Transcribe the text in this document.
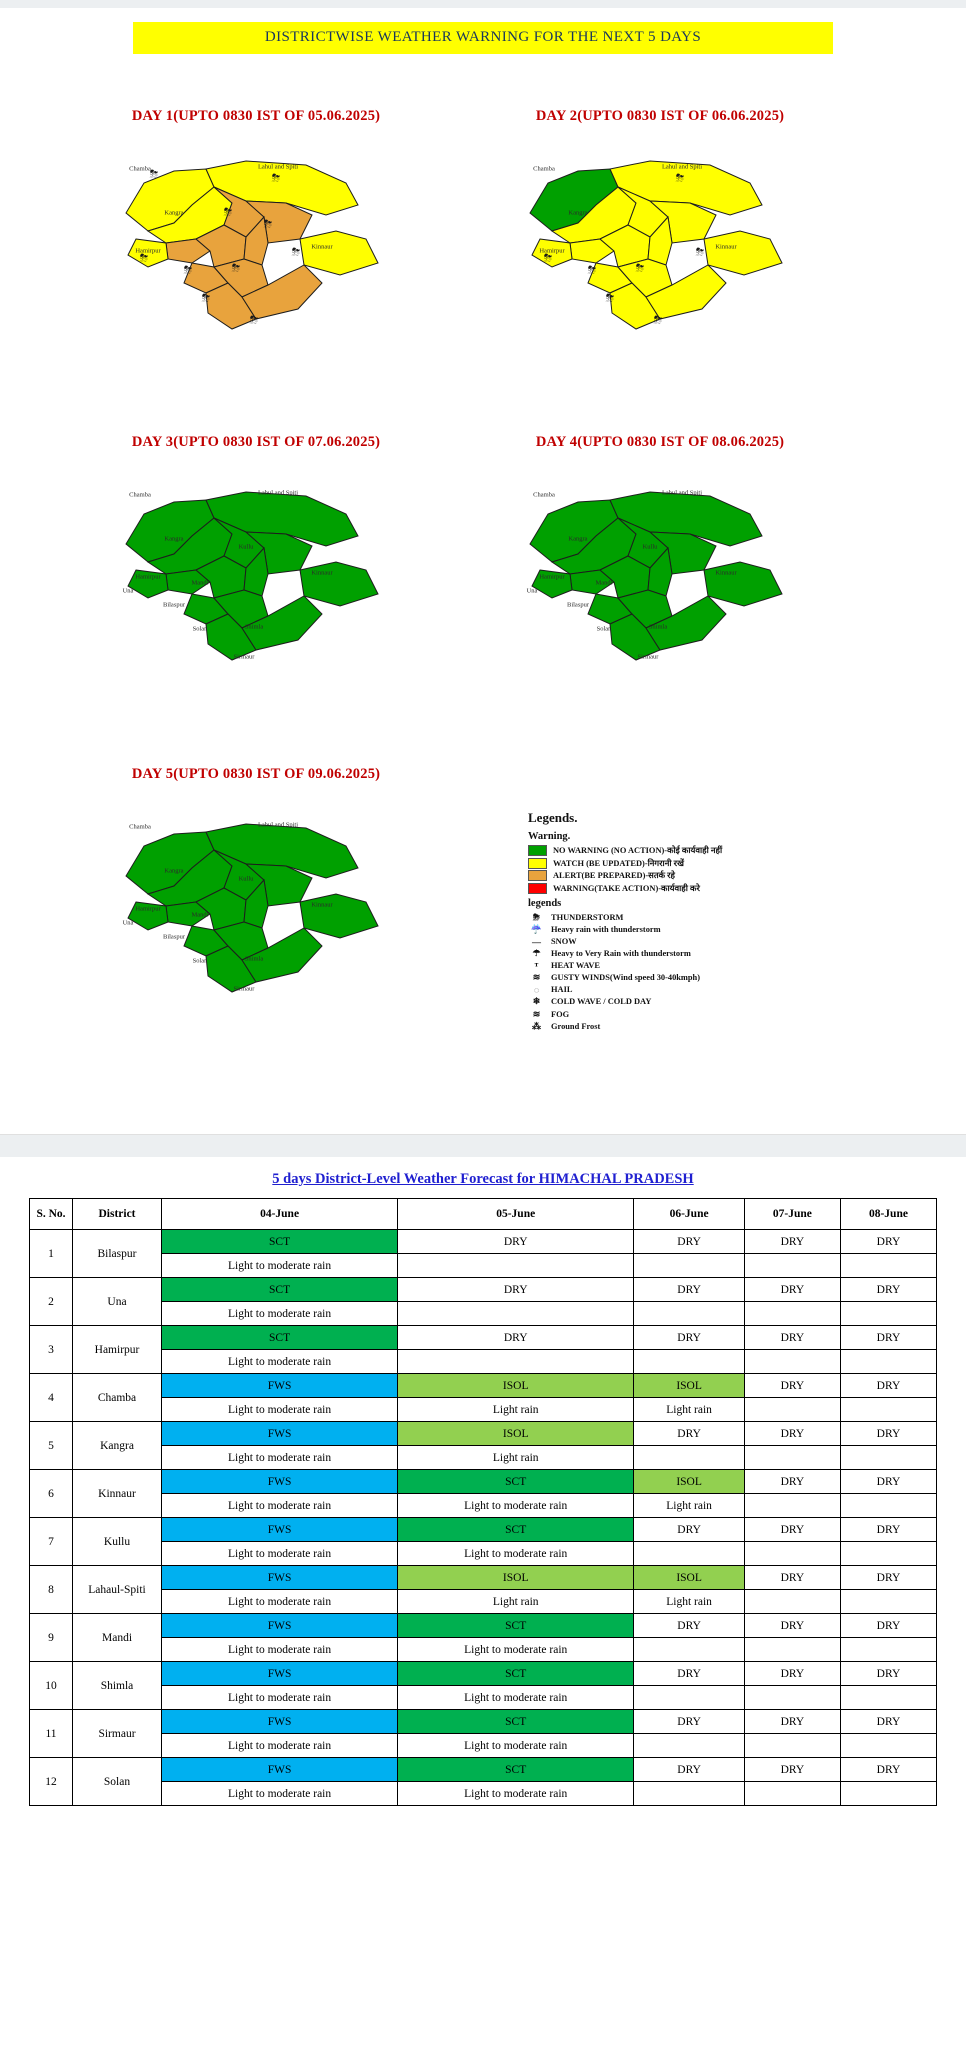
DISTRICTWISE WEATHER WARNING FOR THE NEXT 5 DAYS
DAY 1(UPTO 0830 IST OF 05.06.2025)
Chamba	Lahul and Spiti
Kangra
Hamirpur
Kinnaur
⛈	⛈
⛈
⛈
⛈
⛈	⛈
⛈
⛈
⛈
DAY 2(UPTO 0830 IST OF 06.06.2025)
Chamba	Lahul and Spiti
Kangra
Hamirpur
Kinnaur
⛈
⛈
⛈	⛈
⛈
⛈
⛈
DAY 3(UPTO 0830 IST OF 07.06.2025)
Chamba	Lahul and Spiti
Kangra
Kullu
Hamirpur
Una
Mandi
Bilaspur
Kinnaur
Solan	Shimla
Sirmaur
DAY 4(UPTO 0830 IST OF 08.06.2025)
Chamba	Lahul and Spiti
Kangra
Kullu
Hamirpur
Una
Mandi
Bilaspur
Kinnaur
Solan	Shimla
Sirmaur
DAY 5(UPTO 0830 IST OF 09.06.2025)
Chamba	Lahul and Spiti
Kangra
Kullu
Hamirpur
Una
Mandi
Bilaspur
Kinnaur
Solan	Shimla
Sirmaur
Legends.
Warning.
NO WARNING (NO ACTION)-कोई कार्यवाही नहीं
WATCH (BE UPDATED)-निगरानी रखें
ALERT(BE PREPARED)-सतर्क रहे
WARNING(TAKE ACTION)-कार्यवाही करे
legends
⛈	THUNDERSTORM
☔	Heavy rain with thunderstorm
—	SNOW
☂	Heavy to Very Rain with thunderstorm
ᵀ	HEAT WAVE
≋	GUSTY WINDS(Wind speed 30-40kmph)
◌	HAIL
❄	COLD WAVE / COLD DAY
≋	FOG
⁂	Ground Frost
5 days District-Level Weather Forecast for HIMACHAL PRADESH
S. No.	District	04-June	05-June	06-June	07-June	08-June
1	Bilaspur	SCT	DRY	DRY	DRY	DRY
		Light to moderate rain				
2	Una	SCT	DRY	DRY	DRY	DRY
		Light to moderate rain				
3	Hamirpur	SCT	DRY	DRY	DRY	DRY
		Light to moderate rain				
4	Chamba	FWS	ISOL	ISOL	DRY	DRY
		Light to moderate rain	Light rain	Light rain		
5	Kangra	FWS	ISOL	DRY	DRY	DRY
		Light to moderate rain	Light rain			
6	Kinnaur	FWS	SCT	ISOL	DRY	DRY
		Light to moderate rain	Light to moderate rain	Light rain		
7	Kullu	FWS	SCT	DRY	DRY	DRY
		Light to moderate rain	Light to moderate rain			
8	Lahaul-Spiti	FWS	ISOL	ISOL	DRY	DRY
		Light to moderate rain	Light rain	Light rain		
9	Mandi	FWS	SCT	DRY	DRY	DRY
		Light to moderate rain	Light to moderate rain			
10	Shimla	FWS	SCT	DRY	DRY	DRY
		Light to moderate rain	Light to moderate rain			
11	Sirmaur	FWS	SCT	DRY	DRY	DRY
		Light to moderate rain	Light to moderate rain			
12	Solan	FWS	SCT	DRY	DRY	DRY
		Light to moderate rain	Light to moderate rain			
